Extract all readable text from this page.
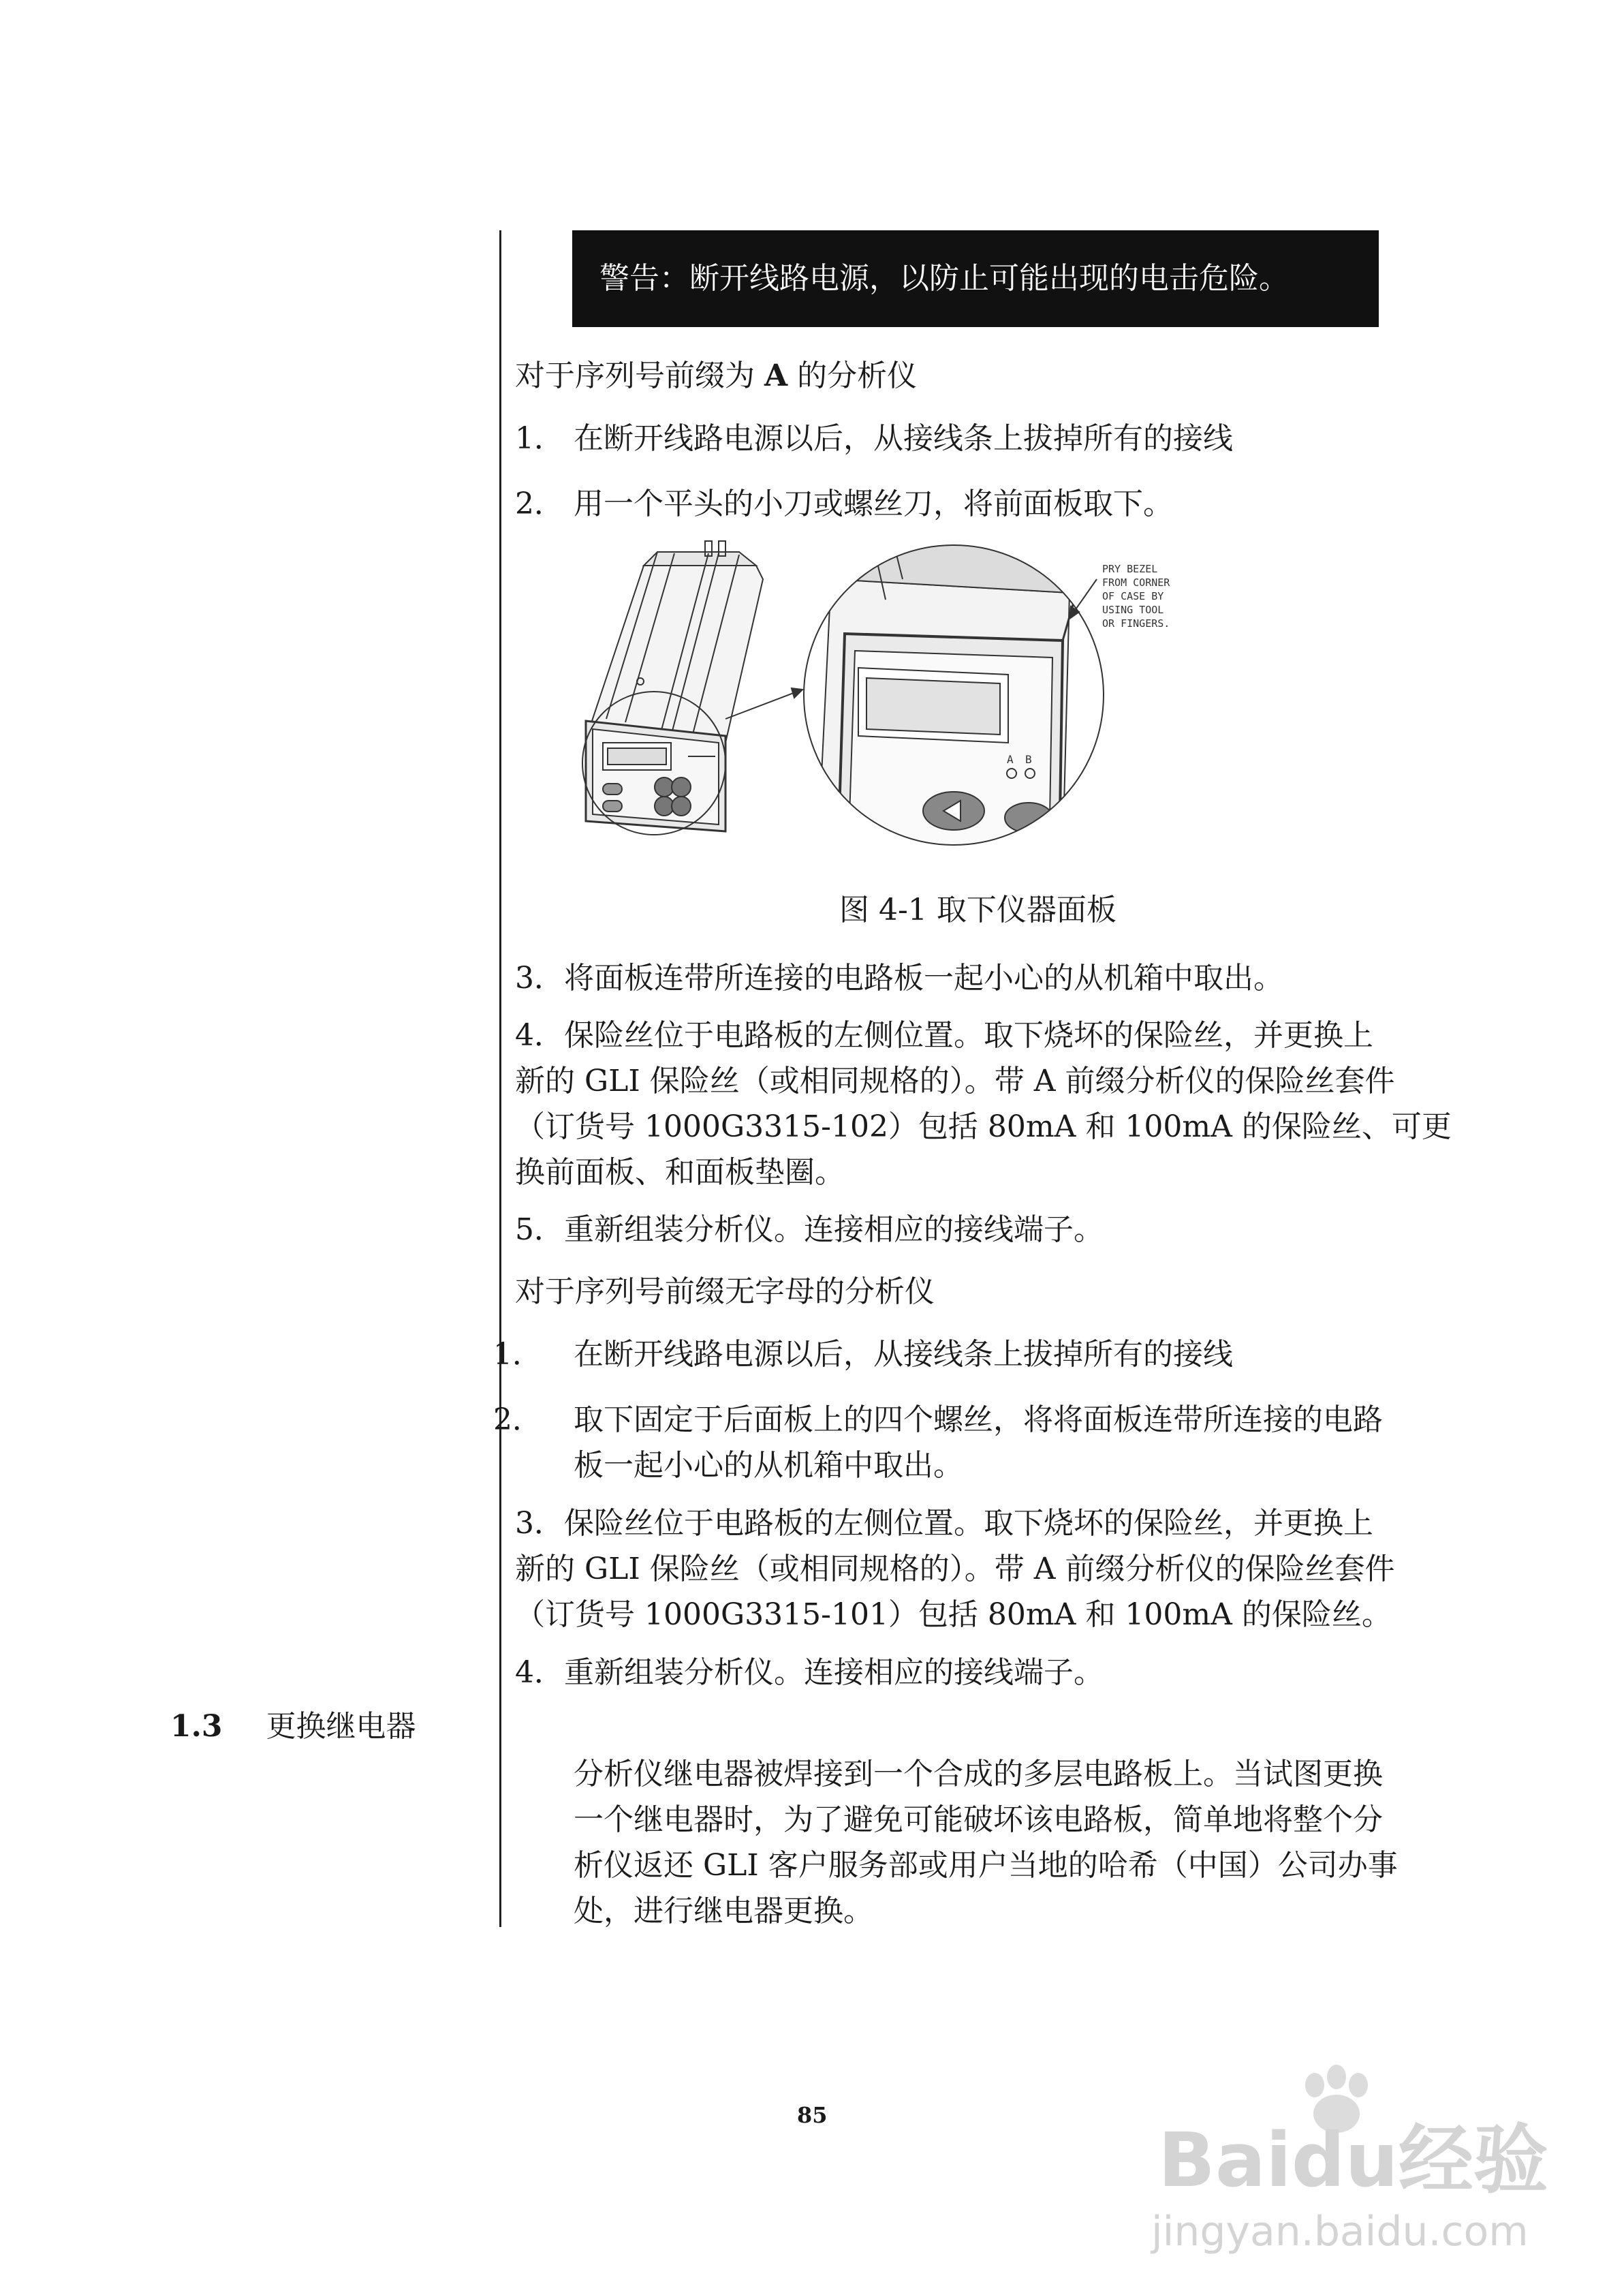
警告：断开线路电源，以防止可能出现的电击危险。
对于序列号前缀为 A 的分析仪
1． 在断开线路电源以后，从接线条上拔掉所有的接线
2． 用一个平头的小刀或螺丝刀，将前面板取下。
PRY BEZEL
FROM CORNER
OF CASE BY
USING TOOL
OR FINGERS.
A B
图 4-1 取下仪器面板
3．将面板连带所连接的电路板一起小心的从机箱中取出。
4．保险丝位于电路板的左侧位置。取下烧坏的保险丝，并更换上
新的 GLI 保险丝（或相同规格的）。带 A 前缀分析仪的保险丝套件
（订货号 1000G3315-102）包括 80mA 和 100mA 的保险丝、可更
换前面板、和面板垫圈。
5．重新组装分析仪。连接相应的接线端子。
对于序列号前缀无字母的分析仪
1． 在断开线路电源以后，从接线条上拔掉所有的接线
2． 取下固定于后面板上的四个螺丝，将将面板连带所连接的电路
板一起小心的从机箱中取出。
3．保险丝位于电路板的左侧位置。取下烧坏的保险丝，并更换上
新的 GLI 保险丝（或相同规格的）。带 A 前缀分析仪的保险丝套件
（订货号 1000G3315-101）包括 80mA 和 100mA 的保险丝。
4．重新组装分析仪。连接相应的接线端子。
1.3 更换继电器
分析仪继电器被焊接到一个合成的多层电路板上。当试图更换
一个继电器时，为了避免可能破坏该电路板，简单地将整个分
析仪返还 GLI 客户服务部或用户当地的哈希（中国）公司办事
处，进行继电器更换。
85
Baidu经验
jingyan.baidu.com
